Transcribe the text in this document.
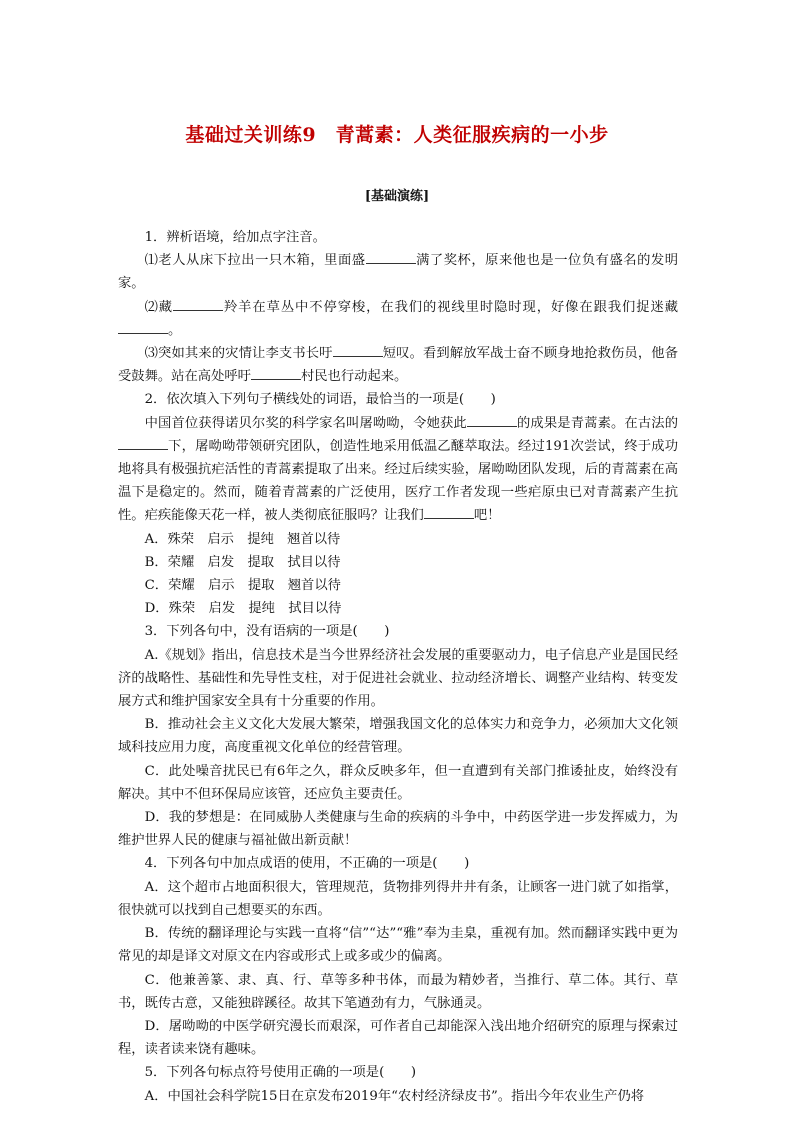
基础过关训练9　青蒿素：人类征服疾病的一小步
[基础演练]

1．辨析语境，给加点字注音。

⑴老人从床下拉出一只木箱，里面盛	满了奖杯，原来他也是一位负有盛名的发明家。

⑵藏	羚羊在草丛中不停穿梭，在我们的视线里时隐时现，好像在跟我们捉迷藏。

⑶突如其来的灾情让李支书长吁	短叹。看到解放军战士奋不顾身地抢救伤员，他备受鼓舞。站在高处呼吁	村民也行动起来。

2．依次填入下列句子横线处的词语，最恰当的一项是(　　)

中国首位获得诺贝尔奖的科学家名叫屠呦呦，令她获此	的成果是青蒿素。在古法的下，屠呦呦带领研究团队，创造性地采用低温乙醚萃取法。经过191次尝试，终于成功地将具有极强抗疟活性的青蒿素提取了出来。经过后续实验，屠呦呦团队发现，后的青蒿素在高温下是稳定的。然而，随着青蒿素的广泛使用，医疗工作者发现一些疟原虫已对青蒿素产生抗性。疟疾能像天花一样，被人类彻底征服吗？让我们	吧！

A．殊荣　启示　提纯　翘首以待

B．荣耀　启发　提取　拭目以待

C．荣耀　启示　提取　翘首以待

D．殊荣　启发　提纯　拭目以待

3．下列各句中，没有语病的一项是(　　)

A.《规划》指出，信息技术是当今世界经济社会发展的重要驱动力，电子信息产业是国民经济的战略性、基础性和先导性支柱，对于促进社会就业、拉动经济增长、调整产业结构、转变发展方式和维护国家安全具有十分重要的作用。

B．推动社会主义文化大发展大繁荣，增强我国文化的总体实力和竞争力，必须加大文化领域科技应用力度，高度重视文化单位的经营管理。

C．此处噪音扰民已有6年之久，群众反映多年，但一直遭到有关部门推诿扯皮，始终没有解决。其中不但环保局应该管，还应负主要责任。

D．我的梦想是：在同威胁人类健康与生命的疾病的斗争中，中药医学进一步发挥威力，为维护世界人民的健康与福祉做出新贡献！

4．下列各句中加点成语的使用，不正确的一项是(　　)

A．这个超市占地面积很大，管理规范，货物排列得井井有条，让顾客一进门就了如指掌，很快就可以找到自己想要买的东西。

B．传统的翻译理论与实践一直将“信”“达”“雅”奉为圭臬，重视有加。然而翻译实践中更为常见的却是译文对原文在内容或形式上或多或少的偏离。

C．他兼善篆、隶、真、行、草等多种书体，而最为精妙者，当推行、草二体。其行、草书，既传古意，又能独辟蹊径。故其下笔遒劲有力，气脉通灵。

D．屠呦呦的中医学研究漫长而艰深，可作者自己却能深入浅出地介绍研究的原理与探索过程，读者读来饶有趣味。

5．下列各句标点符号使用正确的一项是(　　)

A．中国社会科学院15日在京发布2019年“农村经济绿皮书”。指出今年农业生产仍将
